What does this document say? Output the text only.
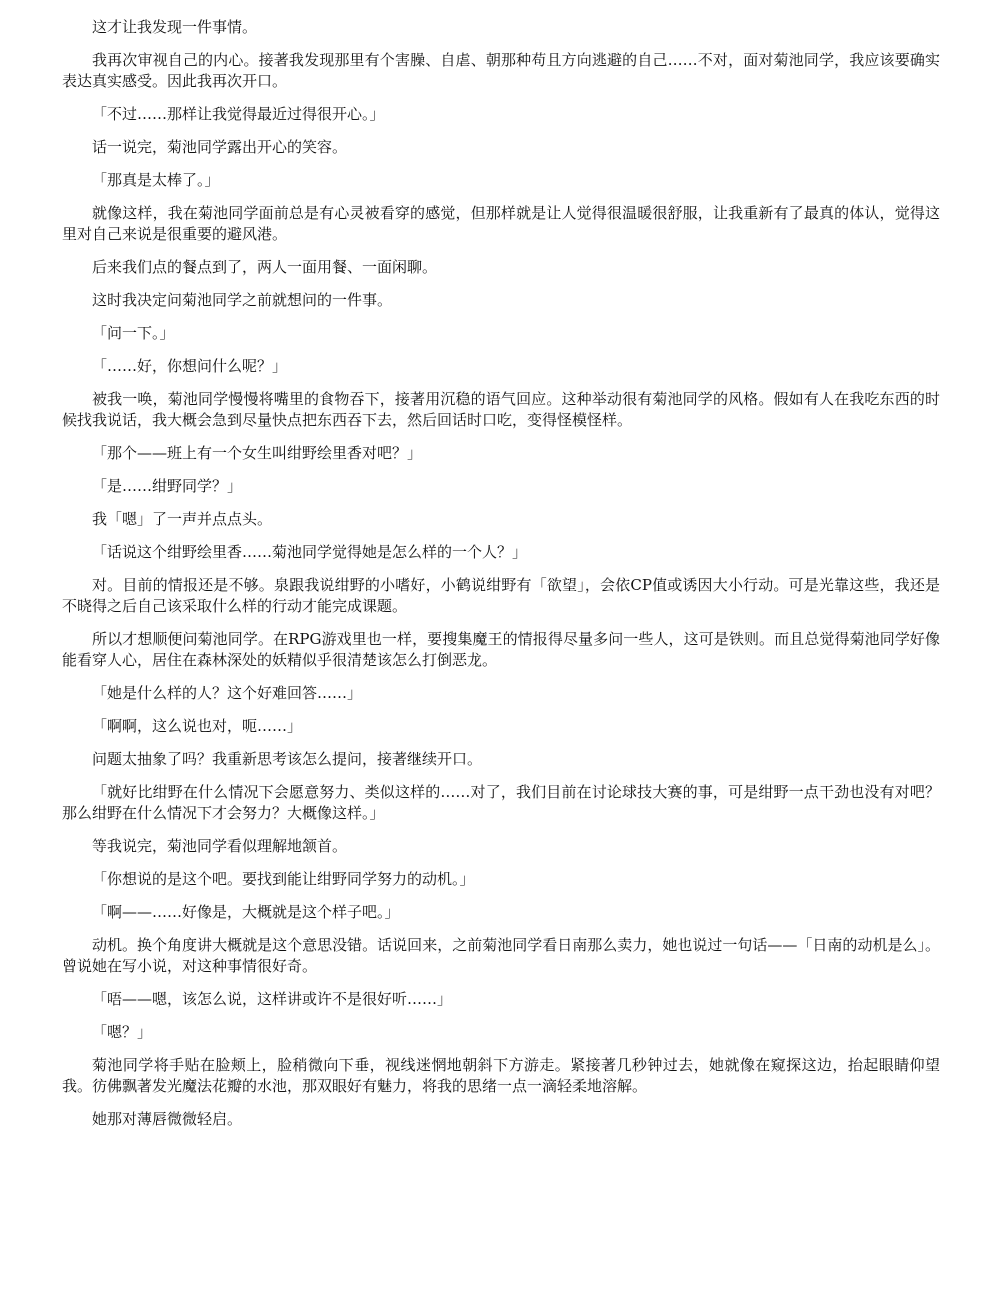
这才让我发现一件事情。

我再次审视自己的内心。接著我发现那里有个害臊、自虐、朝那种苟且方向逃避的自己……不对，面对菊池同学，我应该要确实表达真实感受。因此我再次开口。

「不过……那样让我觉得最近过得很开心。」

话一说完，菊池同学露出开心的笑容。

「那真是太棒了。」

就像这样，我在菊池同学面前总是有心灵被看穿的感觉，但那样就是让人觉得很温暖很舒服，让我重新有了最真的体认，觉得这里对自己来说是很重要的避风港。

后来我们点的餐点到了，两人一面用餐、一面闲聊。

这时我决定问菊池同学之前就想问的一件事。

「问一下。」

「……好，你想问什么呢？」

被我一唤，菊池同学慢慢将嘴里的食物吞下，接著用沉稳的语气回应。这种举动很有菊池同学的风格。假如有人在我吃东西的时候找我说话，我大概会急到尽量快点把东西吞下去，然后回话时口吃，变得怪模怪样。

「那个——班上有一个女生叫绀野绘里香对吧？」

「是……绀野同学？」

我「嗯」了一声并点点头。

「话说这个绀野绘里香……菊池同学觉得她是怎么样的一个人？」

对。目前的情报还是不够。泉跟我说绀野的小嗜好，小鹤说绀野有「欲望」，会依CP值或诱因大小行动。可是光靠这些，我还是不晓得之后自己该采取什么样的行动才能完成课题。

所以才想顺便问菊池同学。在RPG游戏里也一样，要搜集魔王的情报得尽量多问一些人，这可是铁则。而且总觉得菊池同学好像能看穿人心，居住在森林深处的妖精似乎很清楚该怎么打倒恶龙。

「她是什么样的人？这个好难回答……」

「啊啊，这么说也对，呃……」

问题太抽象了吗？我重新思考该怎么提问，接著继续开口。

「就好比绀野在什么情况下会愿意努力、类似这样的……对了，我们目前在讨论球技大赛的事，可是绀野一点干劲也没有对吧？那么绀野在什么情况下才会努力？大概像这样。」

等我说完，菊池同学看似理解地颔首。

「你想说的是这个吧。要找到能让绀野同学努力的动机。」

「啊——……好像是，大概就是这个样子吧。」

动机。换个角度讲大概就是这个意思没错。话说回来，之前菊池同学看日南那么卖力，她也说过一句话——「日南的动机是么」。曾说她在写小说，对这种事情很好奇。

「唔——嗯，该怎么说，这样讲或许不是很好听……」

「嗯？」

菊池同学将手贴在脸颊上，脸稍微向下垂，视线迷惘地朝斜下方游走。紧接著几秒钟过去，她就像在窥探这边，抬起眼睛仰望我。彷佛飘著发光魔法花瓣的水池，那双眼好有魅力，将我的思绪一点一滴轻柔地溶解。

她那对薄唇微微轻启。
